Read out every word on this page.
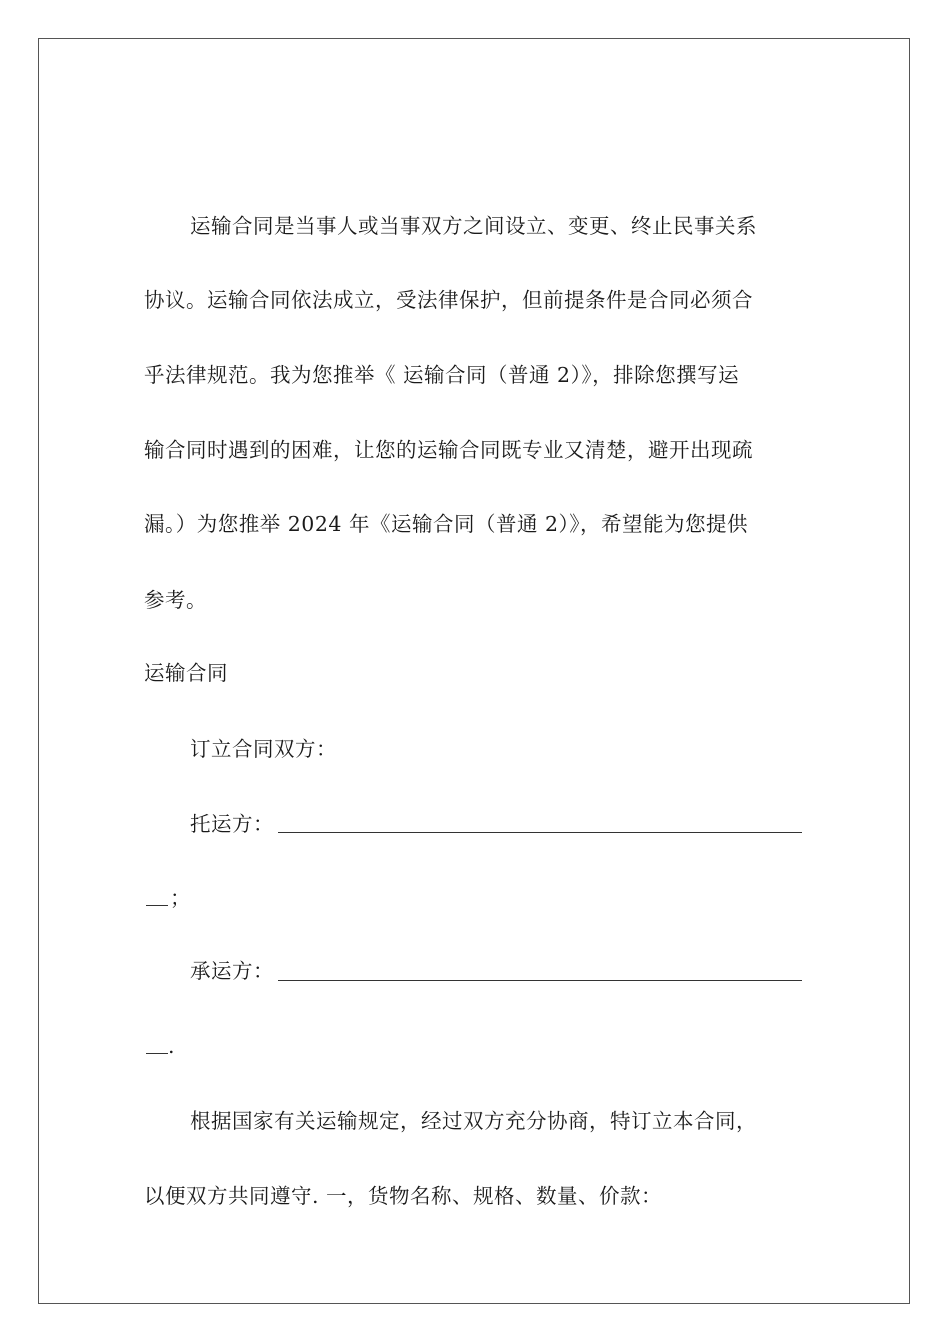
运输合同是当事人或当事双方之间设立、变更、终止民事关系
协议。运输合同依法成立，受法律保护，但前提条件是合同必须合
乎法律规范。我为您推举《 运输合同（普通 2）》，排除您撰写运
输合同时遇到的困难，让您的运输合同既专业又清楚，避开出现疏
漏。）为您推举 2024 年《运输合同（普通 2）》，希望能为您提供
参考。
运输合同
订立合同双方：
托运方：
；
承运方：
.
根据国家有关运输规定，经过双方充分协商，特订立本合同，
以便双方共同遵守. 一，货物名称、规格、数量、价款：
